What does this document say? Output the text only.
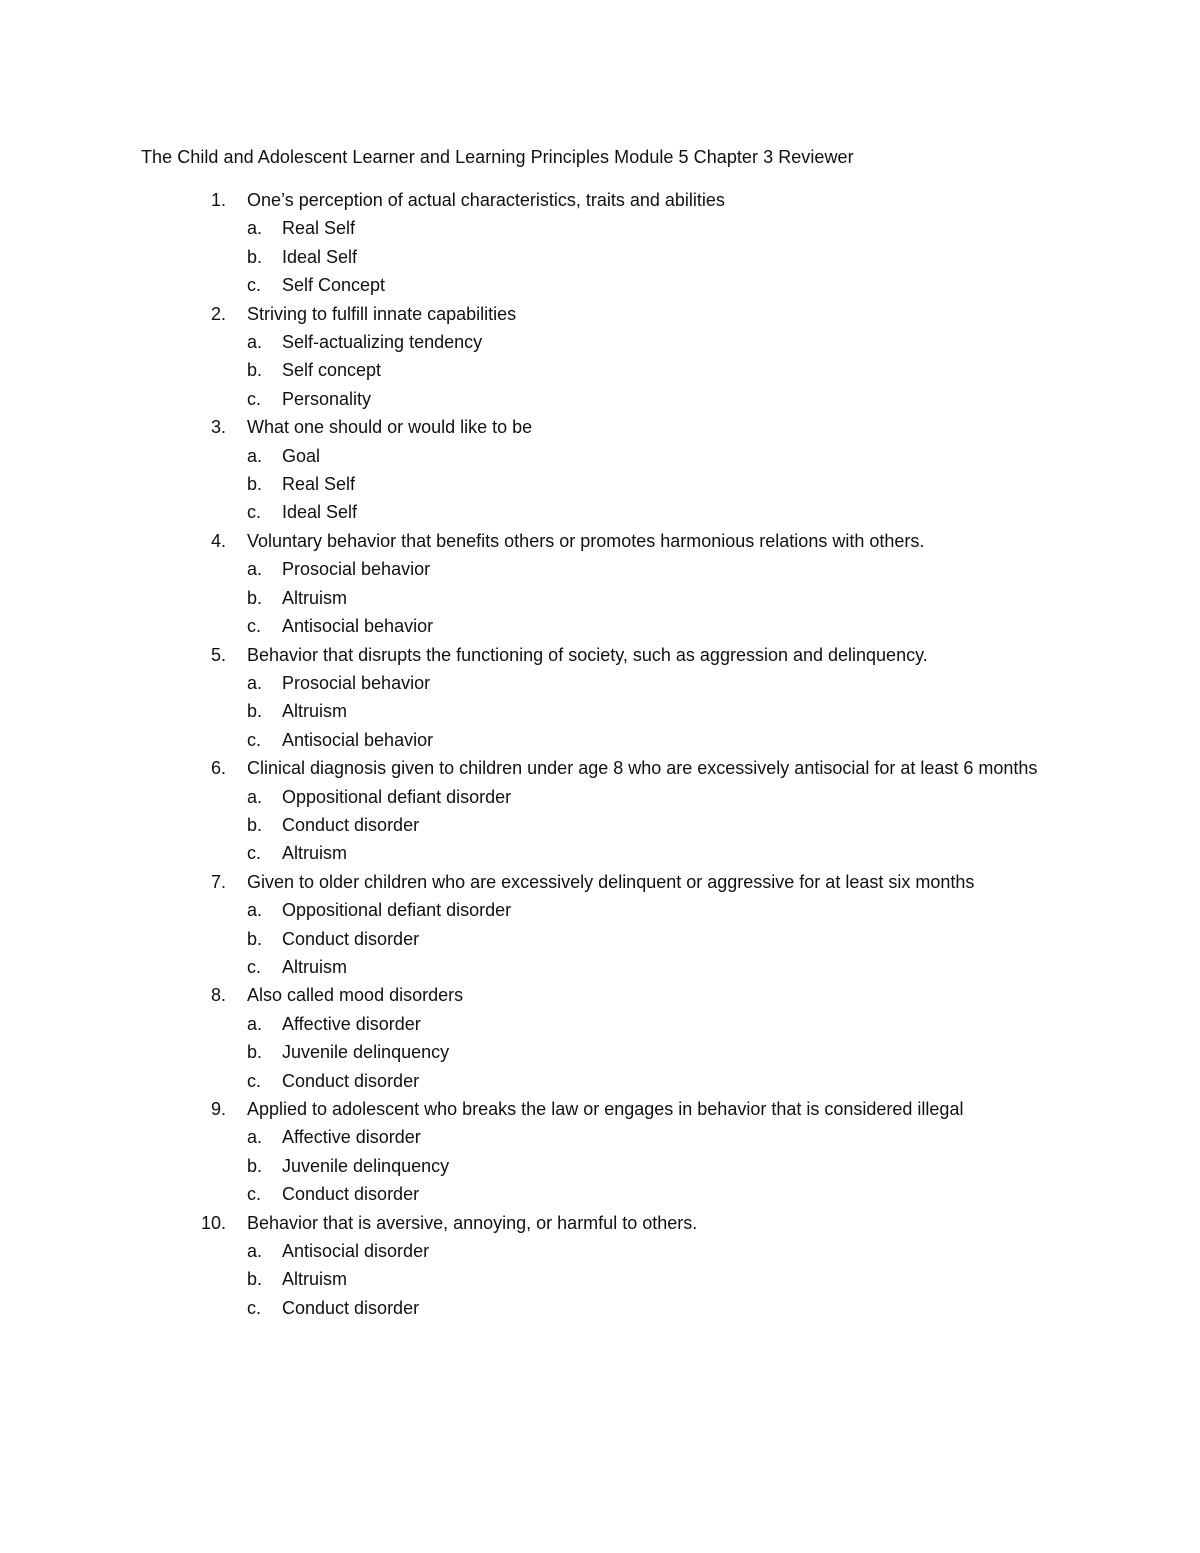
The Child and Adolescent Learner and Learning Principles Module 5 Chapter 3 Reviewer
1.	One’s perception of actual characteristics, traits and abilities
a. Real Self
b. Ideal Self
c. Self Concept
2.	Striving to fulfill innate capabilities
a. Self-actualizing tendency
b. Self concept
c. Personality
3.	What one should or would like to be
a. Goal
b. Real Self
c. Ideal Self
4.	Voluntary behavior that benefits others or promotes harmonious relations with others.
a. Prosocial behavior
b. Altruism
c. Antisocial behavior
5.	Behavior that disrupts the functioning of society, such as aggression and delinquency.
a. Prosocial behavior
b. Altruism
c. Antisocial behavior
6.	Clinical diagnosis given to children under age 8 who are excessively antisocial for at least 6 months
a. Oppositional defiant disorder
b. Conduct disorder
c. Altruism
7.	Given to older children who are excessively delinquent or aggressive for at least six months
a. Oppositional defiant disorder
b. Conduct disorder
c. Altruism
8.	Also called mood disorders
a. Affective disorder
b. Juvenile delinquency
c. Conduct disorder
9.	Applied to adolescent who breaks the law or engages in behavior that is considered illegal
a. Affective disorder
b. Juvenile delinquency
c. Conduct disorder
10.	Behavior that is aversive, annoying, or harmful to others.
a. Antisocial disorder
b. Altruism
c. Conduct disorder
